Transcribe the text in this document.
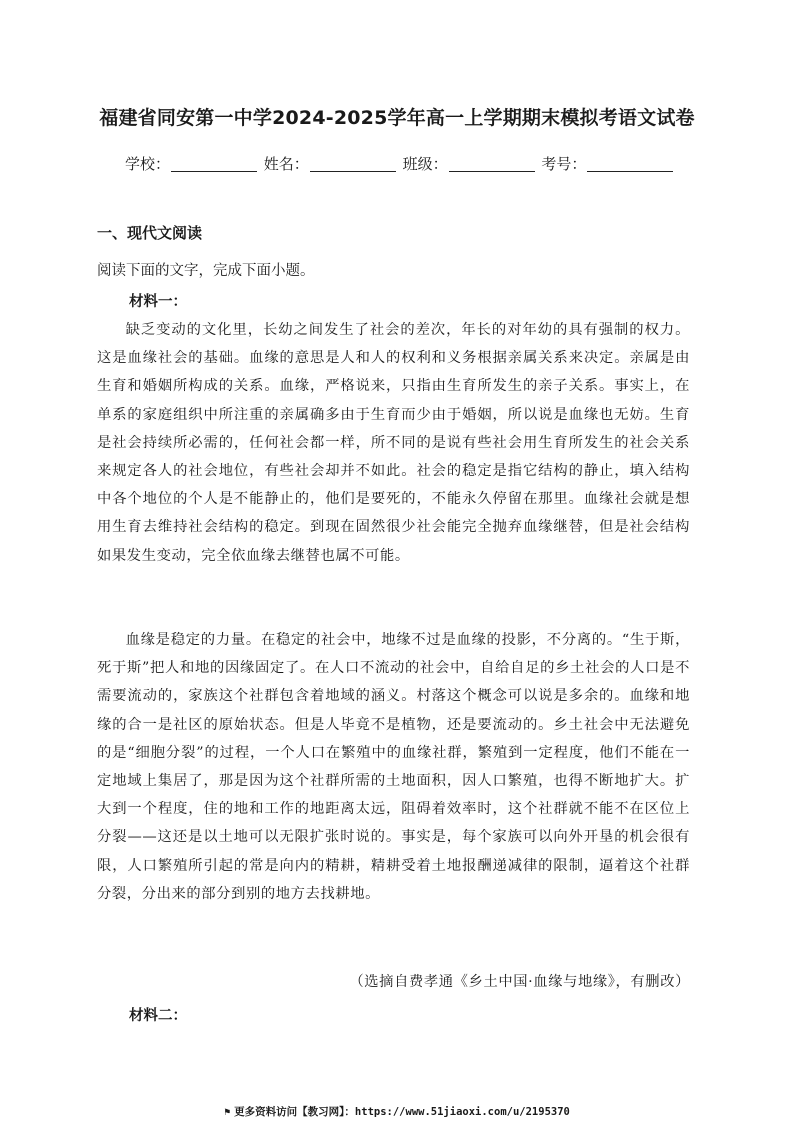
福建省同安第一中学2024-2025学年高一上学期期末模拟考语文试卷
学校：	姓名：	班级：	考号：
一、现代文阅读
阅读下面的文字，完成下面小题。
材料一：

缺乏变动的文化里，长幼之间发生了社会的差次，年长的对年幼的具有强制的权力。这是血缘社会的基础。血缘的意思是人和人的权利和义务根据亲属关系来决定。亲属是由生育和婚姻所构成的关系。血缘，严格说来，只指由生育所发生的亲子关系。事实上，在单系的家庭组织中所注重的亲属确多由于生育而少由于婚姻，所以说是血缘也无妨。生育是社会持续所必需的，任何社会都一样，所不同的是说有些社会用生育所发生的社会关系来规定各人的社会地位，有些社会却并不如此。社会的稳定是指它结构的静止，填入结构中各个地位的个人是不能静止的，他们是要死的，不能永久停留在那里。血缘社会就是想用生育去维持社会结构的稳定。到现在固然很少社会能完全抛弃血缘继替，但是社会结构如果发生变动，完全依血缘去继替也属不可能。

血缘是稳定的力量。在稳定的社会中，地缘不过是血缘的投影，不分离的。“生于斯，死于斯”把人和地的因缘固定了。在人口不流动的社会中，自给自足的乡土社会的人口是不需要流动的，家族这个社群包含着地域的涵义。村落这个概念可以说是多余的。血缘和地缘的合一是社区的原始状态。但是人毕竟不是植物，还是要流动的。乡土社会中无法避免的是“细胞分裂”的过程，一个人口在繁殖中的血缘社群，繁殖到一定程度，他们不能在一定地域上集居了，那是因为这个社群所需的土地面积，因人口繁殖，也得不断地扩大。扩大到一个程度，住的地和工作的地距离太远，阻碍着效率时，这个社群就不能不在区位上分裂——这还是以土地可以无限扩张时说的。事实是，每个家族可以向外开垦的机会很有限，人口繁殖所引起的常是向内的精耕，精耕受着土地报酬递减律的限制，逼着这个社群分裂，分出来的部分到别的地方去找耕地。

（选摘自费孝通《乡土中国·血缘与地缘》，有删改）
材料二：
⚑ 更多资料访问【教习网】：https://www.51jiaoxi.com/u/2195370
